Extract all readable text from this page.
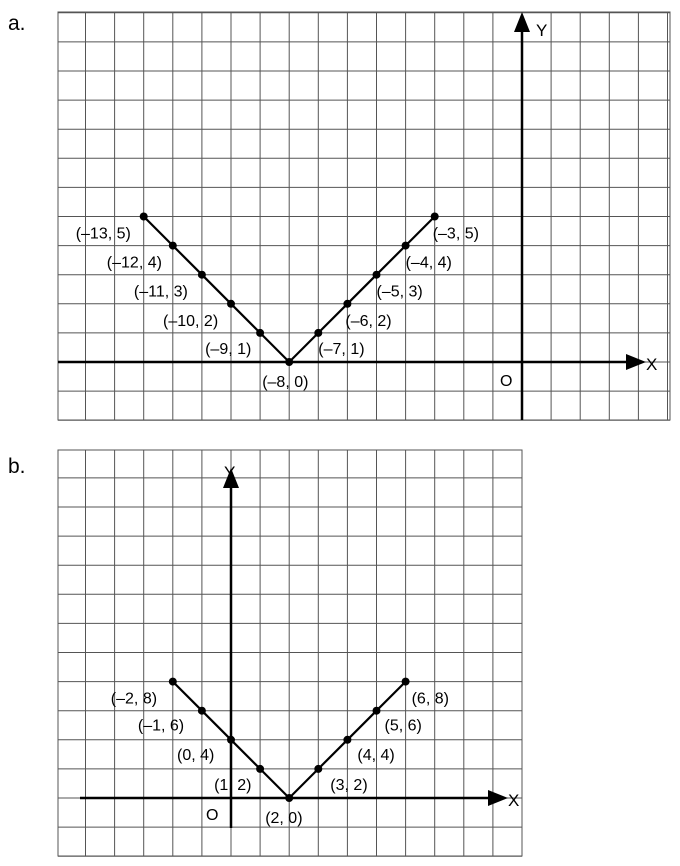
a.
X
Y
O
(–13, 5)
(–12, 4)
(–11, 3)
(–10, 2)
(–9, 1)
(–8, 0)
(–7, 1)
(–6, 2)
(–5, 3)
(–4, 4)
(–3, 5)
b.
X
Y
O
(–2, 8)
(–1, 6)
(0, 4)
(1, 2)
(2, 0)
(3, 2)
(4, 4)
(5, 6)
(6, 8)
